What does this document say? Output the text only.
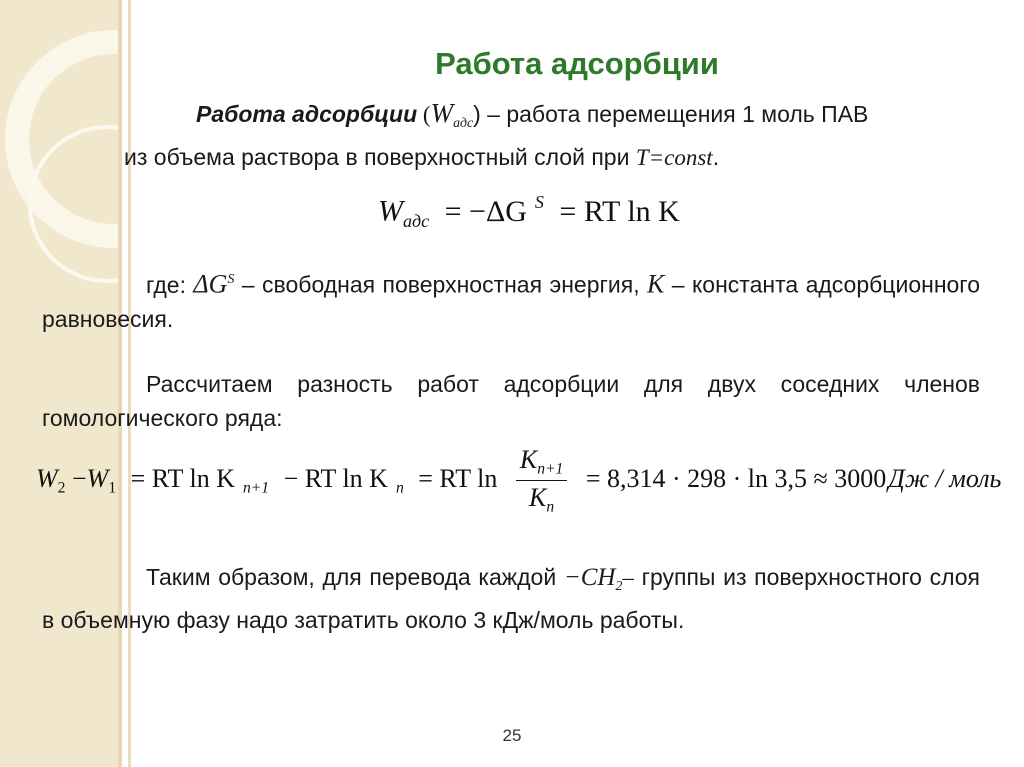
Работа адсорбции
Работа адсорбции $(W_{адс})$ – работа перемещения 1 моль ПАВ
из объема раствора в поверхностный слой при T=const.
$W_{адс} = -\Delta G$ $^S$ = RT ln K
где: $\Delta G^S$ – свободная поверхностная энергия, К – константа адсорбционного равновесия.
Рассчитаем разность работ адсорбции для двух соседних членов гомологического ряда:
$W_2 -W_1$ = RT ln K $_{n+1}$ − RT ln K $_n$ = RT $\ln \frac{K_{n+1}}{K_n} = 8,314 \cdot 298 \cdot \ln 3,5 \approx 3000Дж$ / моль
Таким образом, для перевода каждой $-CH_2-$ группы из поверхностного слоя в объемную фазу надо затратить около 3 кДж/моль работы.
25
